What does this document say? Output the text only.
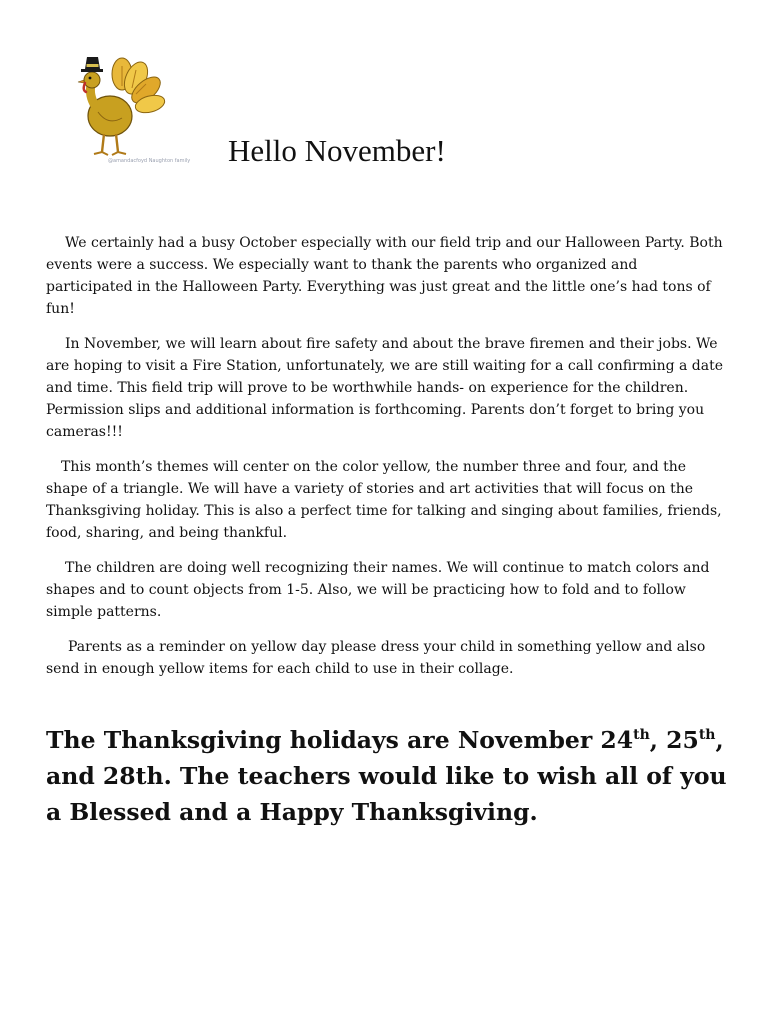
@amandacfoyd Naughton family Hello November!

We certainly had a busy October especially with our field trip and our Halloween Party. Both events were a success. We especially want to thank the parents who organized and participated in the Halloween Party. Everything was just great and the little one’s had tons of fun!

In November, we will learn about fire safety and about the brave firemen and their jobs. We are hoping to visit a Fire Station, unfortunately, we are still waiting for a call confirming a date and time. This field trip will prove to be worthwhile hands- on experience for the children. Permission slips and additional information is forthcoming. Parents don’t forget to bring you cameras!!!

This month’s themes will center on the color yellow, the number three and four, and the shape of a triangle. We will have a variety of stories and art activities that will focus on the Thanksgiving holiday. This is also a perfect time for talking and singing about families, friends, food, sharing, and being thankful.

The children are doing well recognizing their names. We will continue to match colors and shapes and to count objects from 1-5. Also, we will be practicing how to fold and to follow simple patterns.

Parents as a reminder on yellow day please dress your child in something yellow and also send in enough yellow items for each child to use in their collage.

The Thanksgiving holidays are November 24th, 25th, and 28th. The teachers would like to wish all of you a Blessed and a Happy Thanksgiving.
